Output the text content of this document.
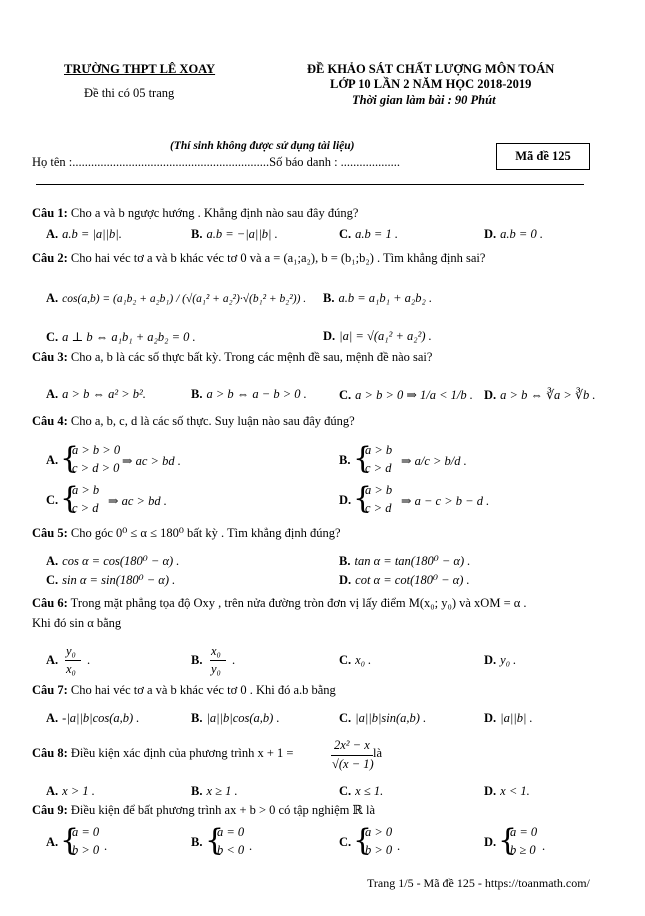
TRƯỜNG THPT LÊ XOAY
Đề thi có 05 trang
ĐỀ KHẢO SÁT CHẤT LƯỢNG MÔN TOÁN
LỚP 10 LẦN 2 NĂM HỌC 2018-2019
Thời gian làm bài : 90 Phút
(Thí sinh không được sử dụng tài liệu)
Họ tên :...............................................................Số báo danh : ...................	Mã đề 125
Câu 1: Cho a và b ngược hướng . Khẳng định nào sau đây đúng?
A. a.b = |a||b|.	B. a.b = −|a||b| .	C. a.b = 1 .	D. a.b = 0 .
Câu 2: Cho hai véc tơ a và b khác véc tơ 0 và a = (a₁;a₂), b = (b₁;b₂) . Tìm khẳng định sai?
A. cos(a,b) = (a₁b₂ + a₂b₁) / (√(a₁² + a₂²)·√(b₁² + b₂²)) . B. a.b = a₁b₁ + a₂b₂ .
C. a ⊥ b ⇔ a₁b₁ + a₂b₂ = 0 .	D. |a| = √(a₁² + a₂²) .
Câu 3: Cho a, b là các số thực bất kỳ. Trong các mệnh đề sau, mệnh đề nào sai?
A. a > b ⇔ a² > b².	B. a > b ⇔ a − b > 0 .	C. a > b > 0 ⇒ 1/a < 1/b . D. a > b ⇔ ∛a > ∛b .
Câu 4: Cho a, b, c, d là các số thực. Suy luận nào sau đây đúng?
A. {
a > b > 0
c > d > 0 ⇒ ac > bd .	B. {
a > b
c > d ⇒ a/c > b/d .
C. {
a > b
c > d ⇒ ac > bd .	D. {
a > b
c > d ⇒ a − c > b − d .
Câu 5: Cho góc 0⁰ ≤ α ≤ 180⁰ bất kỳ . Tìm khẳng định đúng?
A. cos α = cos(180⁰ − α) .	B. tan α = tan(180⁰ − α) .
C. sin α = sin(180⁰ − α) .	D. cot α = cot(180⁰ − α) .
Câu 6: Trong mặt phẳng tọa độ Oxy , trên nửa đường tròn đơn vị lấy điểm M(x₀; y₀) và xOM = α .
Khi đó sin α bằng
A.
y₀
x₀
.	B.
x₀
y₀
.	C. x₀ .	D. y₀ .
Câu 7: Cho hai véc tơ a và b khác véc tơ 0 . Khi đó a.b bằng
A. -|a||b|cos(a,b) .	B. |a||b|cos(a,b) .	C. |a||b|sin(a,b) .	D. |a||b| .
Câu 8: Điều kiện xác định của phương trình x + 1 =
2x² − x
√(x − 1)
là
A. x > 1 .	B. x ≥ 1 .	C. x ≤ 1.	D. x < 1.
Câu 9: Điều kiện để bất phương trình ax + b > 0 có tập nghiệm ℝ là
A. {
a = 0
b > 0 .	B. {
a = 0
b < 0 .	C. {
a > 0
b > 0 .	D. {
a = 0
b ≥ 0 .
Trang 1/5 - Mã đề 125 - https://toanmath.com/
